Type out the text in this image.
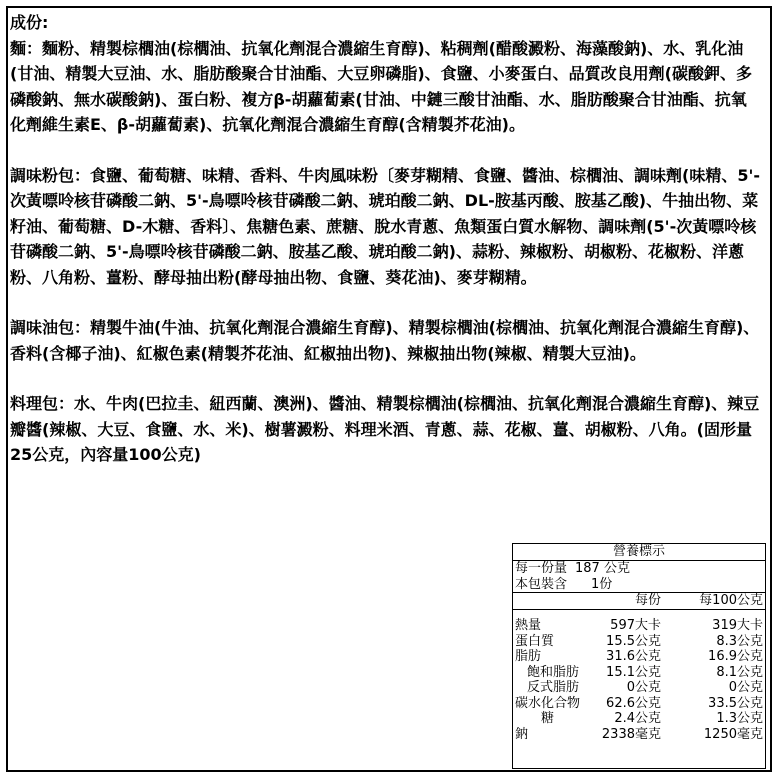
成份:

麵：麵粉、精製棕櫚油(棕櫚油、抗氧化劑混合濃縮生育醇)、粘稠劑(醋酸澱粉、海藻酸鈉)、水、乳化油(甘油、精製大豆油、水、脂肪酸聚合甘油酯、大豆卵磷脂)、食鹽、小麥蛋白、品質改良用劑(碳酸鉀、多磷酸鈉、無水碳酸鈉)、蛋白粉、複方β-胡蘿蔔素(甘油、中鏈三酸甘油酯、水、脂肪酸聚合甘油酯、抗氧化劑維生素E、β-胡蘿蔔素)、抗氧化劑混合濃縮生育醇(含精製芥花油)。

調味粉包：食鹽、葡萄糖、味精、香料、牛肉風味粉〔麥芽糊精、食鹽、醬油、棕櫚油、調味劑(味精、5'-次黃嘌呤核苷磷酸二鈉、5'-鳥嘌呤核苷磷酸二鈉、琥珀酸二鈉、DL-胺基丙酸、胺基乙酸)、牛抽出物、菜籽油、葡萄糖、D-木糖、香料〕、焦糖色素、蔗糖、脫水青蔥、魚類蛋白質水解物、調味劑(5'-次黃嘌呤核苷磷酸二鈉、5'-鳥嘌呤核苷磷酸二鈉、胺基乙酸、琥珀酸二鈉)、蒜粉、辣椒粉、胡椒粉、花椒粉、洋蔥粉、八角粉、薑粉、酵母抽出粉(酵母抽出物、食鹽、葵花油)、麥芽糊精。

調味油包：精製牛油(牛油、抗氧化劑混合濃縮生育醇)、精製棕櫚油(棕櫚油、抗氧化劑混合濃縮生育醇)、香料(含椰子油)、紅椒色素(精製芥花油、紅椒抽出物)、辣椒抽出物(辣椒、精製大豆油)。

料理包：水、牛肉(巴拉圭、紐西蘭、澳洲)、醬油、精製棕櫚油(棕櫚油、抗氧化劑混合濃縮生育醇)、辣豆瓣醬(辣椒、大豆、食鹽、水、米)、樹薯澱粉、料理米酒、青蔥、蒜、花椒、薑、胡椒粉、八角。(固形量25公克，內容量100公克)

營養標示
每一份量 187 公克
本包裝含 1份
每份	每100公克
熱量	597大卡	319大卡
蛋白質	15.5公克	8.3公克
脂肪	31.6公克	16.9公克
飽和脂肪 15.1公克	8.1公克
反式脂肪	0公克	0公克
碳水化合物 62.6公克	33.5公克
糖	2.4公克	1.3公克
鈉	2338毫克	1250毫克
